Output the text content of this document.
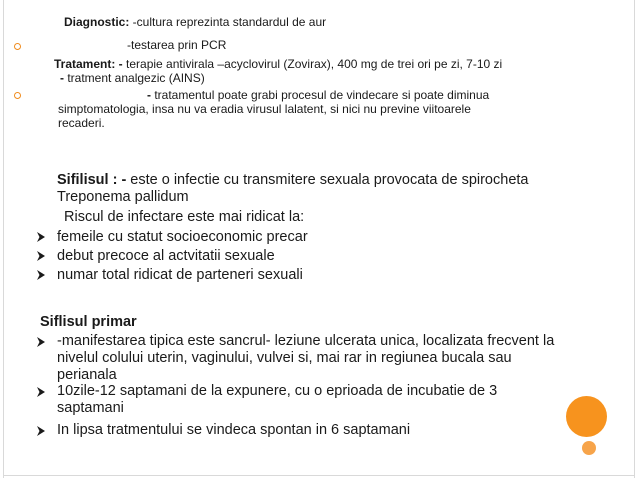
Diagnostic: -cultura reprezinta standardul de aur
-testarea prin PCR
Tratament: - terapie antivirala –acyclovirul (Zovirax), 400 mg de trei ori pe zi, 7-10 zi
- tratment analgezic (AINS)
- tratamentul poate grabi procesul de vindecare si poate diminua
simptomatologia, insa nu va eradia virusul lalatent, si nici nu previne viitoarele
recaderi.
Sifilisul : - este o infectie cu transmitere sexuala provocata de spirocheta
Treponema pallidum
Riscul de infectare este mai ridicat la:
femeile cu statut socioeconomic precar
debut precoce al actvitatii sexuale
numar total ridicat de parteneri sexuali
Siflisul primar
-manifestarea tipica este sancrul- leziune ulcerata unica, localizata frecvent la
nivelul colului uterin, vaginului, vulvei si, mai rar in regiunea bucala sau
perianala
10zile-12 saptamani de la expunere, cu o eprioada de incubatie de 3
saptamani
In lipsa tratmentului se vindeca spontan in 6 saptamani
